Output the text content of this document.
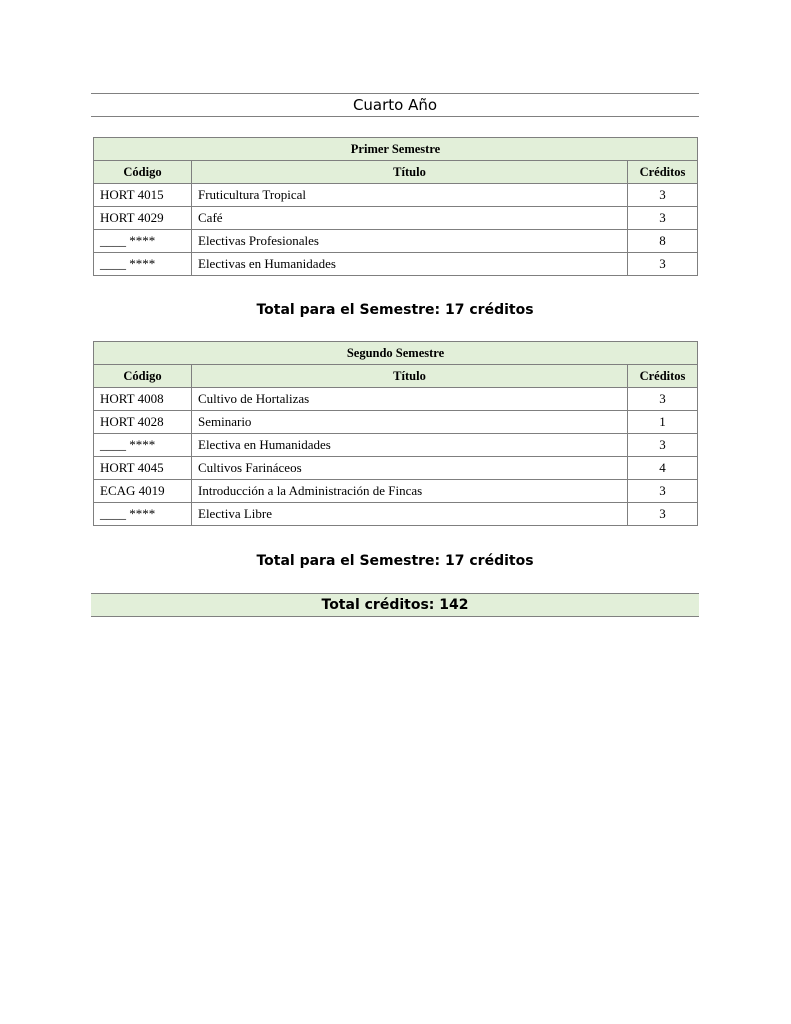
Cuarto Año
Primer Semestre		
Código	Título	Créditos
HORT 4015	Fruticultura Tropical	3
HORT 4029	Café	3
____ ****	Electivas Profesionales	8
____ ****	Electivas en Humanidades	3
Total para el Semestre: 17 créditos
Segundo Semestre		
Código	Título	Créditos
HORT 4008	Cultivo de Hortalizas	3
HORT 4028	Seminario	1
____ ****	Electiva en Humanidades	3
HORT 4045	Cultivos Farináceos	4
ECAG 4019	Introducción a la Administración de Fincas	3
____ ****	Electiva Libre	3
Total para el Semestre: 17 créditos
Total créditos: 142
